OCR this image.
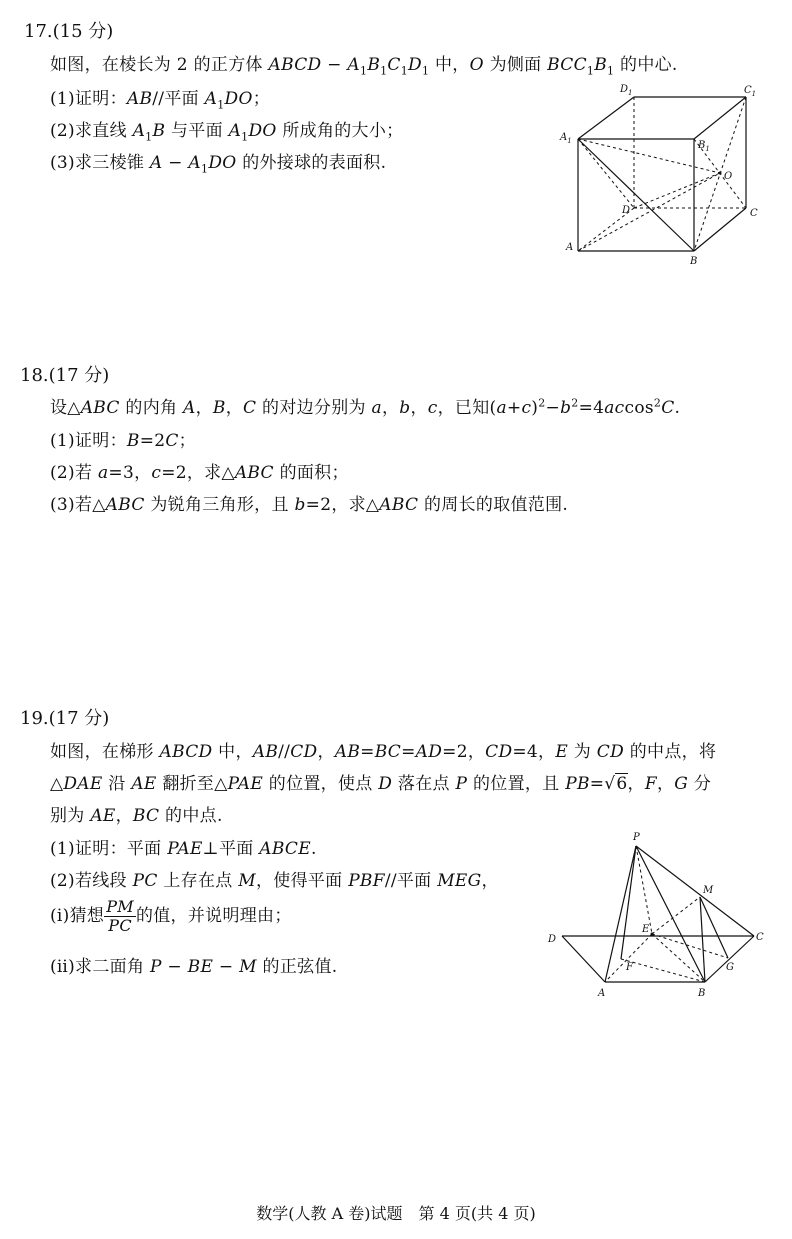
17.(15 分)
如图，在棱长为 2 的正方体 ABCD − $A_1B_1C_1D_1$ 中，O 为侧面 $BCC_1B_1$ 的中心.
(1)证明：AB//平面 $A_1DO$；
(2)求直线 $A_1B$ 与平面 $A_1DO$ 所成角的大小；
(3)求三棱锥 $A - A_1DO$ 的外接球的表面积.
A
B
C
D
$A_1$	$B_1$
$C_1$
$D_1$
O
18.(17 分)
设△ABC 的内角 A，B，C 的对边分别为 a，b，c，已知$(a+c)^2-b^2=4accos^2C$.
(1)证明：B=2C；
(2)若 a=3，c=2，求△ABC 的面积；
(3)若△ABC 为锐角三角形，且 b=2，求△ABC 的周长的取值范围.
19.(17 分)
如图，在梯形 ABCD 中，AB//CD，AB=BC=AD=2，CD=4，E 为 CD 的中点，将
△DAE 沿 AE 翻折至△PAE 的位置，使点 D 落在点 P 的位置，且 PB=√6，F，G 分
别为 AE，BC 的中点.
(1)证明：平面 PAE⊥平面 ABCE.
(2)若线段 PC 上存在点 M，使得平面 PBF//平面 MEG，
(ⅰ)猜想 $\frac{PM}{PC}$ 的值，并说明理由；
(ⅱ)求二面角 P − BE − M 的正弦值.
P
M
D
E
C
F	G
A	B
数学(人教 A 卷)试题　第 4 页(共 4 页)
